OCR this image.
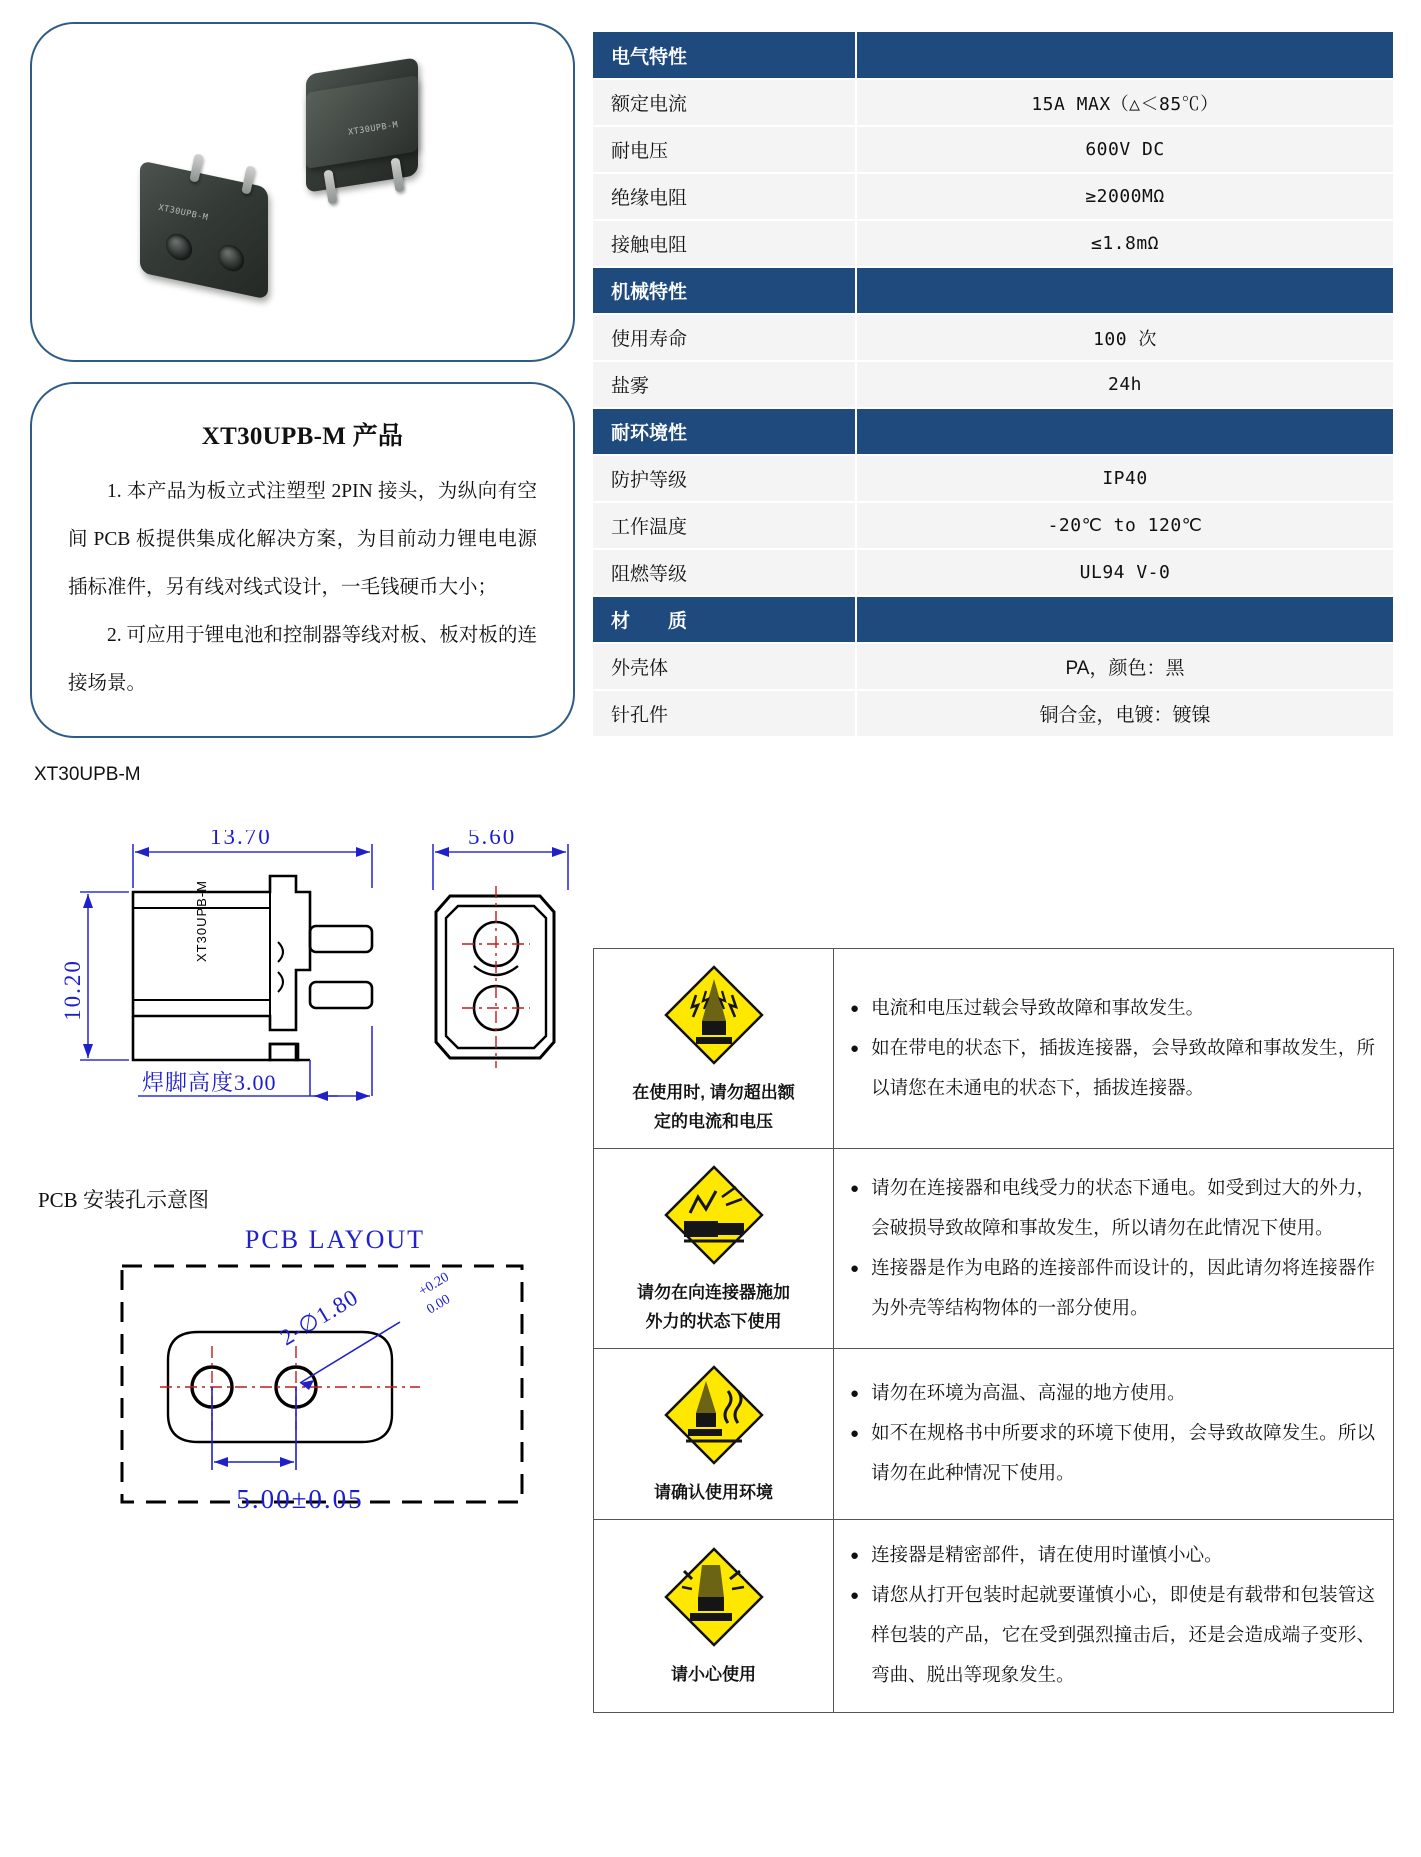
XT30UPB-M
XT30UPB-M
XT30UPB-M 产品

1. 本产品为板立式注塑型 2PIN 接头，为纵向有空间 PCB 板提供集成化解决方案，为目前动力锂电电源插标准件，另有线对线式设计，一毛钱硬币大小；

2. 可应用于锂电池和控制器等线对板、板对板的连接场景。

XT30UPB-M
XT30UPB-M
13.70
10.20
焊脚高度3.00
5.60
PCB 安装孔示意图
PCB LAYOUT
2-∅1.80	+0.20
0.00
5.00±0.05
电气特性	
额定电流	15A MAX（△＜85℃）
耐电压	600V DC
绝缘电阻	≥2000MΩ
接触电阻	≤1.8mΩ
机械特性	
使用寿命	100 次
盐雾	24h
耐环境性	
防护等级	IP40
工作温度	-20℃ to 120℃
阻燃等级	UL94 V-0
材　　质	
外壳体	PA，颜色：黑
针孔件	铜合金，电镀：镀镍
在使用时, 请勿超出额
定的电流和电压

● 电流和电压过载会导致故障和事故发生。
● 如在带电的状态下，插拔连接器，会导致故障和事故发生，所以请您在未通电的状态下，插拔连接器。

请勿在向连接器施加
外力的状态下使用

● 请勿在连接器和电线受力的状态下通电。如受到过大的外力，会破损导致故障和事故发生，所以请勿在此情况下使用。
● 连接器是作为电路的连接部件而设计的，因此请勿将连接器作为外壳等结构物体的一部分使用。

请确认使用环境	● 请勿在环境为高温、高湿的地方使用。
● 如不在规格书中所要求的环境下使用，会导致故障发生。所以请勿在此种情况下使用。

请小心使用	● 连接器是精密部件，请在使用时谨慎小心。
● 请您从打开包装时起就要谨慎小心，即使是有载带和包装管这样包装的产品，它在受到强烈撞击后，还是会造成端子变形、弯曲、脱出等现象发生。
